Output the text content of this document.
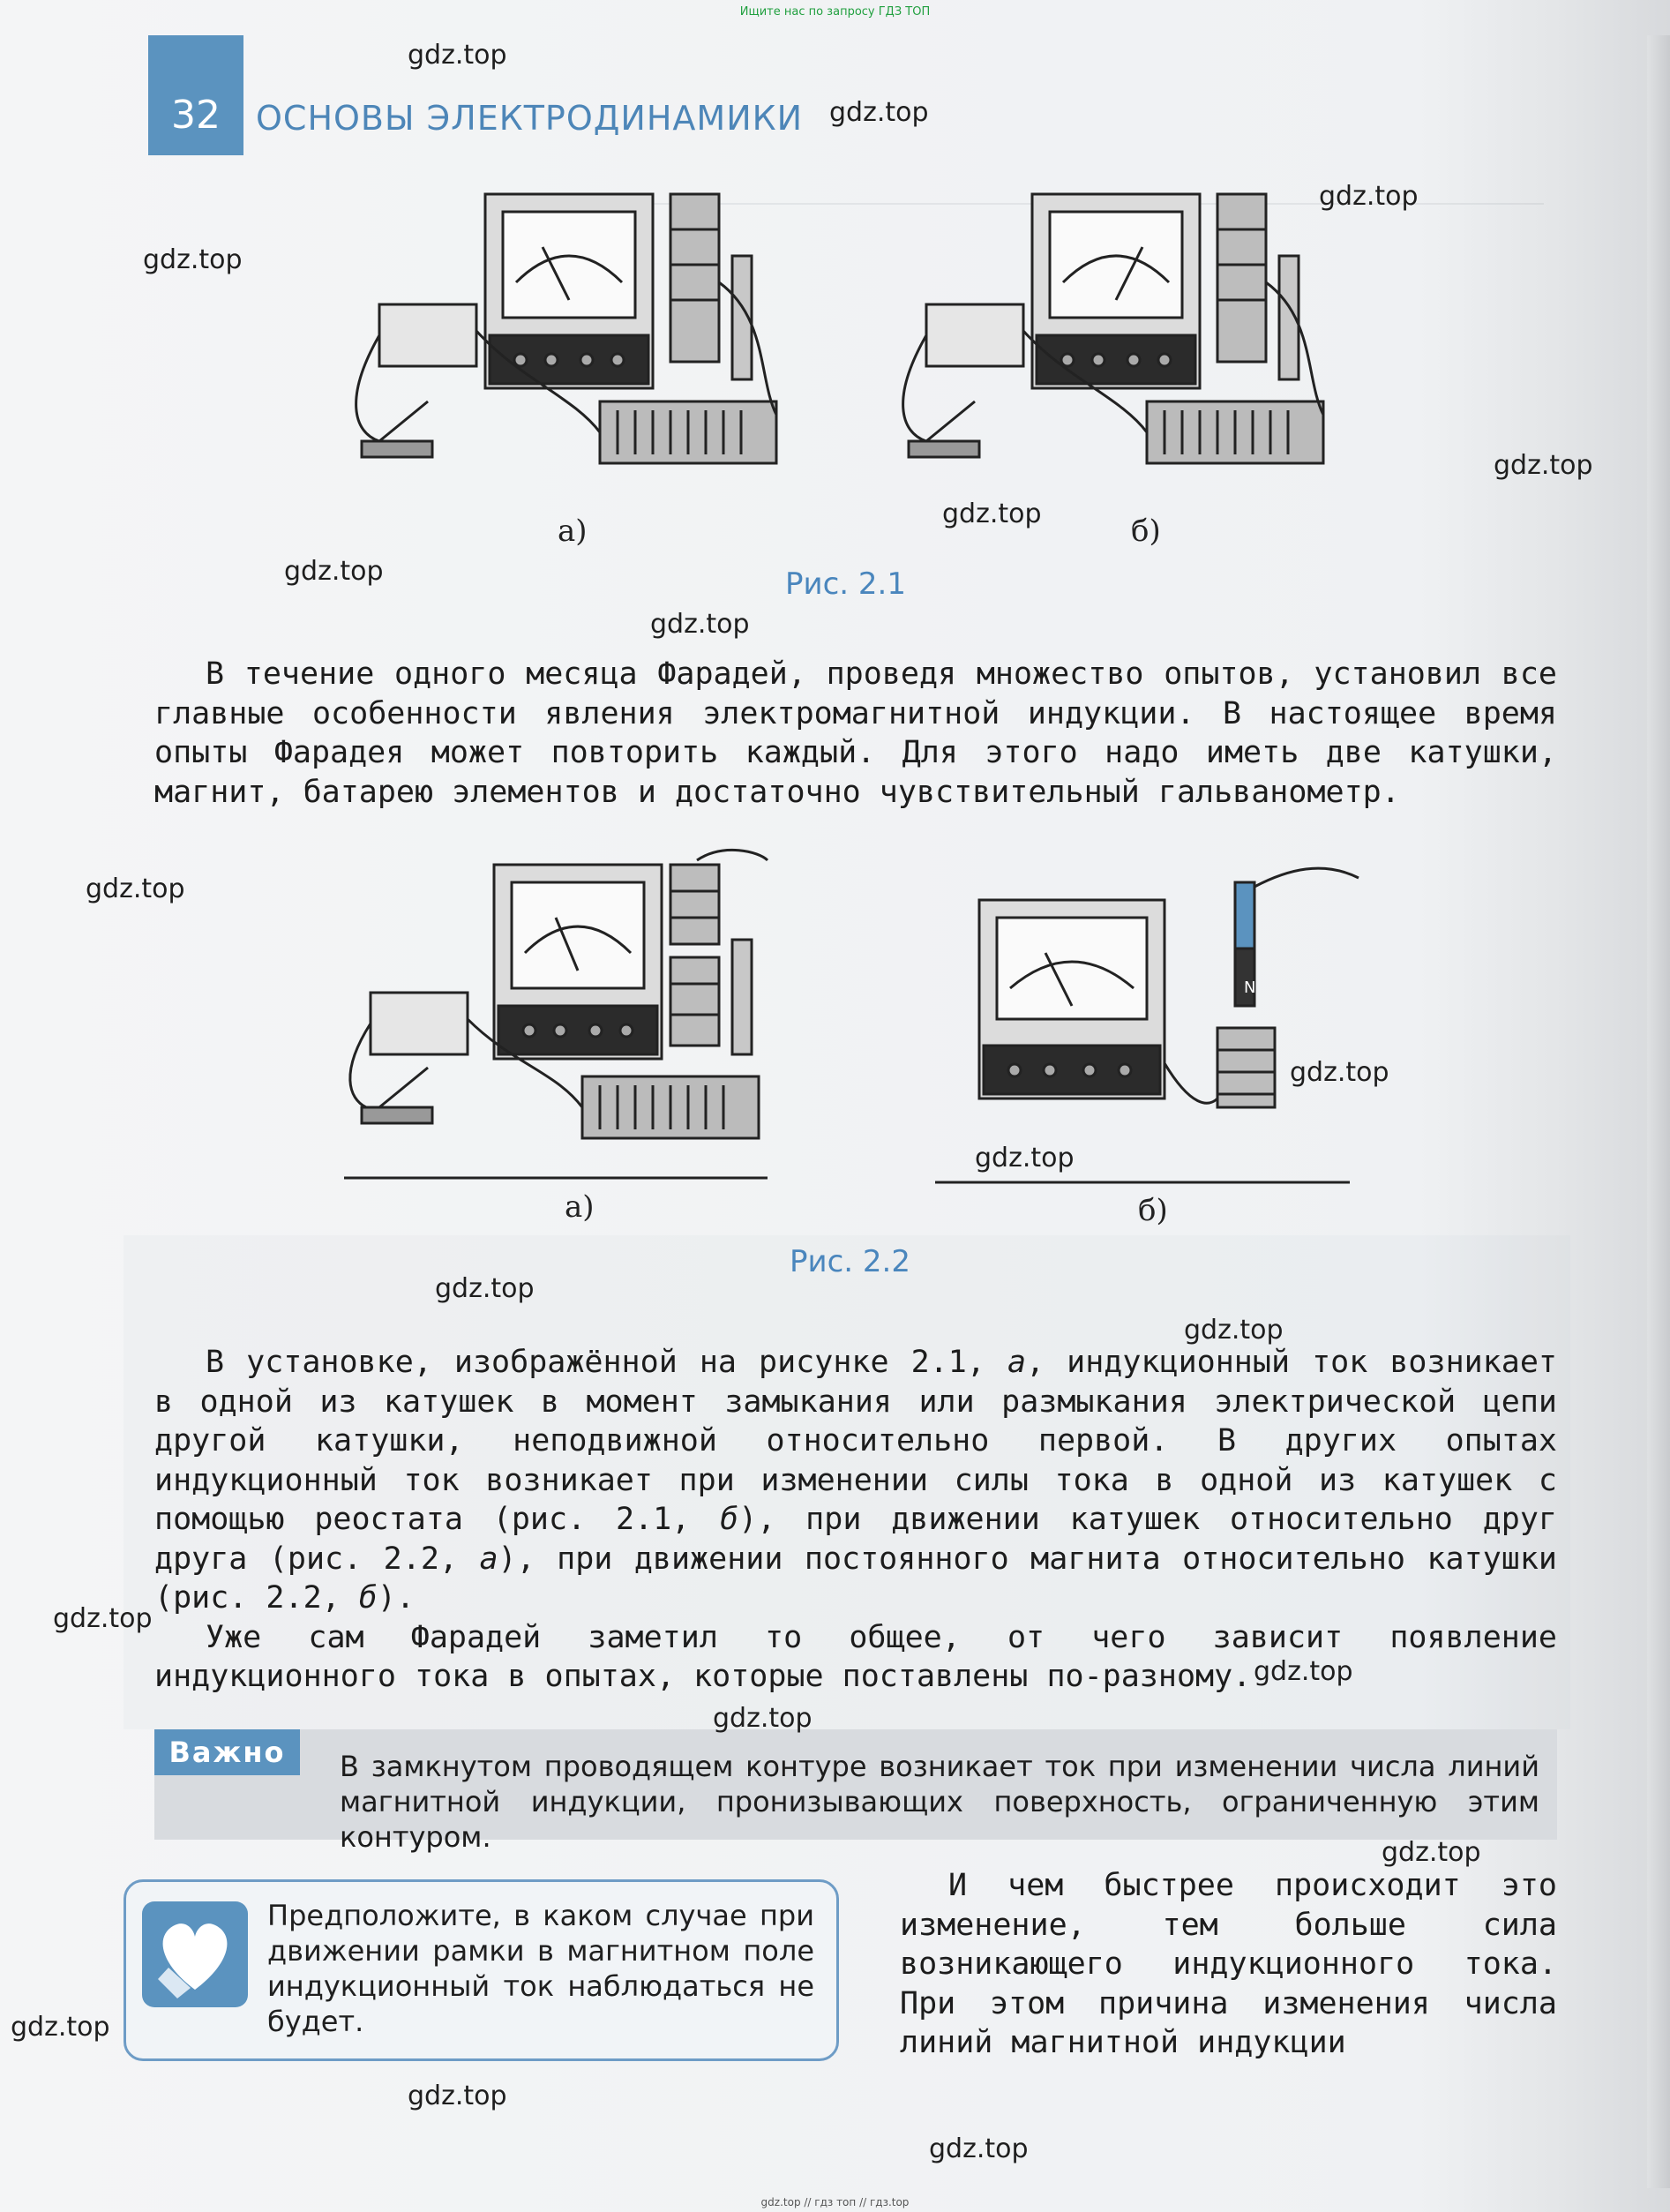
Ищите нас по запросу ГДЗ ТОП
32	ОСНОВЫ ЭЛЕКТРОДИНАМИКИ
а)	б)
Рис. 2.1

В течение одного месяца Фарадей, проведя множество опытов, установил все главные особенности явления электромагнитной индукции. В настоящее время опыты Фарадея может повторить каждый. Для этого надо иметь две катушки, магнит, батарею элементов и достаточно чувствительный гальванометр.

N
а)	б)
Рис. 2.2

В установке, изображённой на рисунке 2.1, а, индукционный ток возникает в одной из катушек в момент замыкания или размыкания электрической цепи другой катушки, неподвижной относительно первой. В других опытах индукционный ток возникает при изменении силы тока в одной из катушек с помощью реостата (рис. 2.1, б), при движении катушек относительно друг друга (рис. 2.2, а), при движении постоянного магнита относительно катушки (рис. 2.2, б).

Уже сам Фарадей заметил то общее, от чего зависит появление индукционного тока в опытах, которые поставлены по-разному.

Важно	В замкнутом проводящем контуре возникает ток при изменении числа линий магнитной индукции, пронизывающих поверхность, ограниченную этим контуром.
Предположите, в каком случае при движении рамки в магнитном поле индукционный ток наблюдаться не будет.

И чем быстрее происходит это изменение, тем больше сила возникающего индукционного тока. При этом причина изменения числа линий магнитной индукции

gdz.top
gdz.top
gdz.top
gdz.top
gdz.top
gdz.top
gdz.top
gdz.top
gdz.top
gdz.top
gdz.top
gdz.top
gdz.top
gdz.top
gdz.top
gdz.top
gdz.top
gdz.top
gdz.top
gdz.top
gdz.top // гдз топ // гдз.top
